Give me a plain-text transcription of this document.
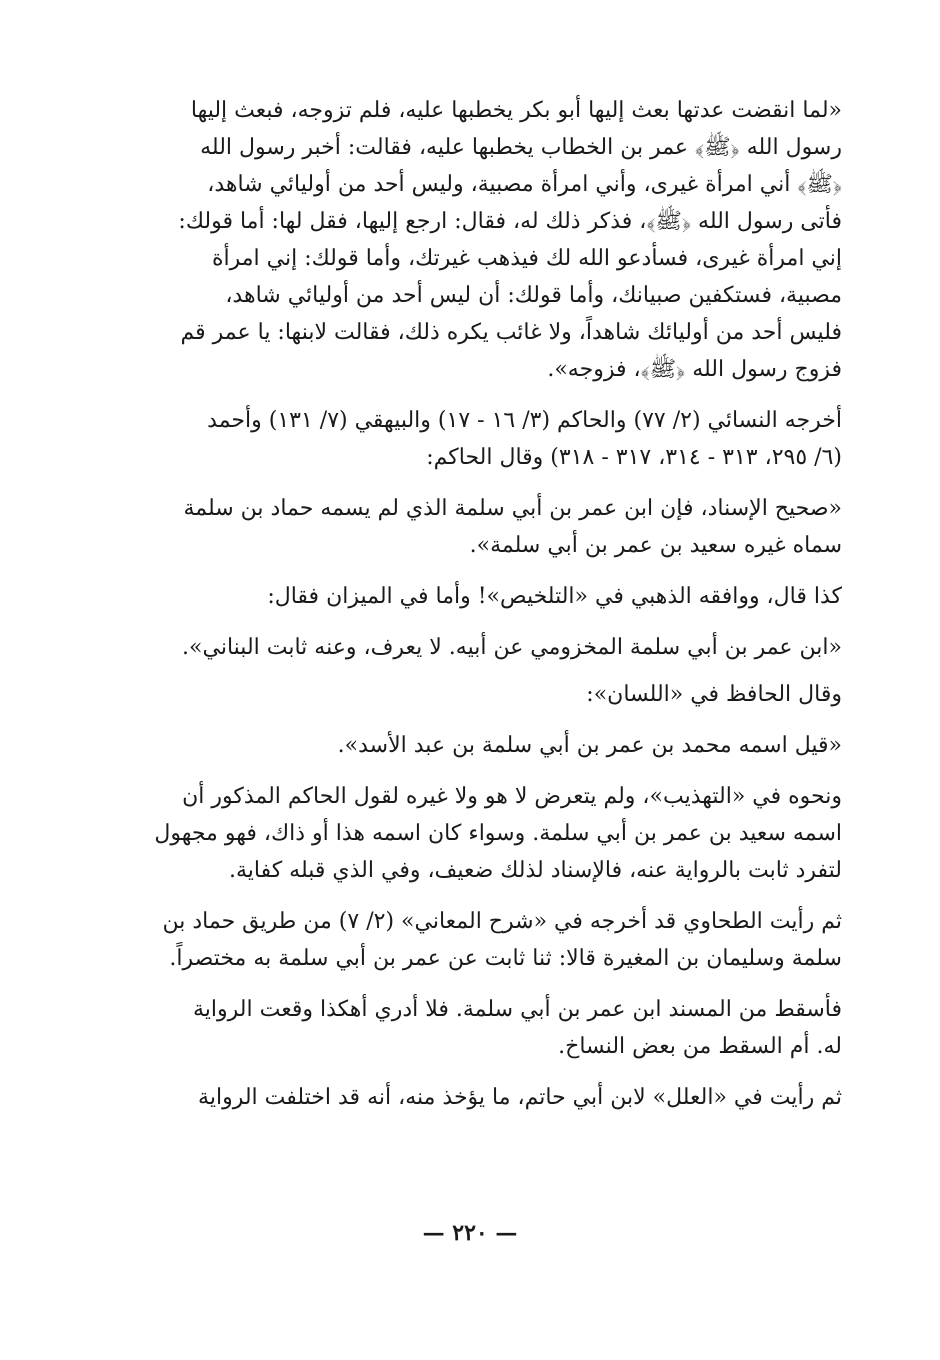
«لما انقضت عدتها بعث إليها أبو بكر يخطبها عليه، فلم تزوجه، فبعث إليها
رسول الله ﴿ﷺ﴾ عمر بن الخطاب يخطبها عليه، فقالت: أخبر رسول الله
﴿ﷺ﴾ أني امرأة غيرى، وأني امرأة مصبية، وليس أحد من أوليائي شاهد،
فأتى رسول الله ﴿ﷺ﴾، فذكر ذلك له، فقال: ارجع إليها، فقل لها: أما قولك:
إني امرأة غيرى، فسأدعو الله لك فيذهب غيرتك، وأما قولك: إني امرأة
مصبية، فستكفين صبيانك، وأما قولك: أن ليس أحد من أوليائي شاهد،
فليس أحد من أوليائك شاهداً، ولا غائب يكره ذلك، فقالت لابنها: يا عمر قم
فزوج رسول الله ﴿ﷺ﴾، فزوجه».

أخرجه النسائي (٢/ ٧٧) والحاكم (٣/ ١٦ - ١٧) والبيهقي (٧/ ١٣١) وأحمد
(٦/ ٢٩٥، ٣١٣ - ٣١٤، ٣١٧ - ٣١٨) وقال الحاكم:

«صحيح الإسناد، فإن ابن عمر بن أبي سلمة الذي لم يسمه حماد بن سلمة
سماه غيره سعيد بن عمر بن أبي سلمة».

كذا قال، ووافقه الذهبي في «التلخيص»! وأما في الميزان فقال:

«ابن عمر بن أبي سلمة المخزومي عن أبيه. لا يعرف، وعنه ثابت البناني».

وقال الحافظ في «اللسان»:

«قيل اسمه محمد بن عمر بن أبي سلمة بن عبد الأسد».

ونحوه في «التهذيب»، ولم يتعرض لا هو ولا غيره لقول الحاكم المذكور أن
اسمه سعيد بن عمر بن أبي سلمة. وسواء كان اسمه هذا أو ذاك، فهو مجهول
لتفرد ثابت بالرواية عنه، فالإسناد لذلك ضعيف، وفي الذي قبله كفاية.

ثم رأيت الطحاوي قد أخرجه في «شرح المعاني» (٢/ ٧) من طريق حماد بن
سلمة وسليمان بن المغيرة قالا: ثنا ثابت عن عمر بن أبي سلمة به مختصراً.

فأسقط من المسند ابن عمر بن أبي سلمة. فلا أدري أهكذا وقعت الرواية
له. أم السقط من بعض النساخ.

ثم رأيت في «العلل» لابن أبي حاتم، ما يؤخذ منه، أنه قد اختلفت الرواية

— ٢٢٠ —
